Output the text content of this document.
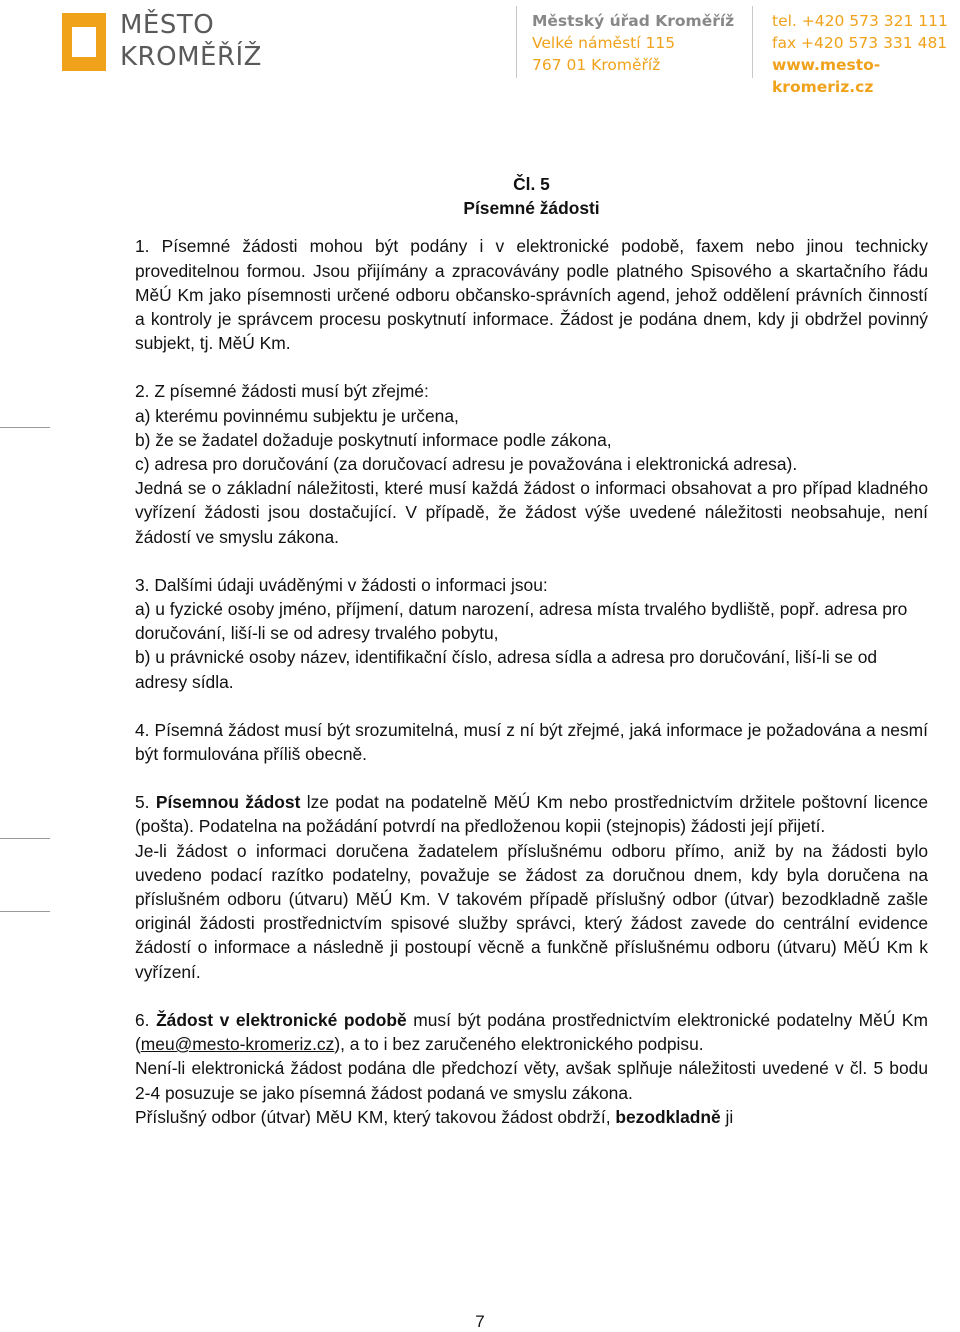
MĚSTO
KROMĚŘÍŽ
Městský úřad Kroměříž
Velké náměstí 115
767 01 Kroměříž
tel. +420 573 321 111
fax +420 573 331 481
www.mesto-kromeriz.cz
Čl. 5
Písemné žádosti

1. Písemné žádosti mohou být podány i v elektronické podobě, faxem nebo jinou technicky proveditelnou formou. Jsou přijímány a zpracovávány podle platného Spisového a skartačního řádu MěÚ Km jako písemnosti určené odboru občansko-správních agend, jehož oddělení právních činností a kontroly je správcem procesu poskytnutí informace. Žádost je podána dnem, kdy ji obdržel povinný subjekt, tj. MěÚ Km.

2. Z písemné žádosti musí být zřejmé:
a) kterému povinnému subjektu je určena,
b) že se žadatel dožaduje poskytnutí informace podle zákona,
c) adresa pro doručování (za doručovací adresu je považována i elektronická adresa).
Jedná se o základní náležitosti, které musí každá žádost o informaci obsahovat a pro případ kladného vyřízení žádosti jsou dostačující. V případě, že žádost výše uvedené náležitosti neobsahuje, není žádostí ve smyslu zákona.

3. Dalšími údaji uváděnými v žádosti o informaci jsou:
a) u fyzické osoby jméno, příjmení, datum narození, adresa místa trvalého bydliště, popř. adresa pro doručování, liší-li se od adresy trvalého pobytu,
b) u právnické osoby název, identifikační číslo, adresa sídla a adresa pro doručování, liší-li se od adresy sídla.

4. Písemná žádost musí být srozumitelná, musí z ní být zřejmé, jaká informace je požadována a nesmí být formulována příliš obecně.

5. Písemnou žádost lze podat na podatelně MěÚ Km nebo prostřednictvím držitele poštovní licence (pošta). Podatelna na požádání potvrdí na předloženou kopii (stejnopis) žádosti její přijetí.
Je-li žádost o informaci doručena žadatelem příslušnému odboru přímo, aniž by na žádosti bylo uvedeno podací razítko podatelny, považuje se žádost za doručnou dnem, kdy byla doručena na příslušném odboru (útvaru) MěÚ Km. V takovém případě příslušný odbor (útvar) bezodkladně zašle originál žádosti prostřednictvím spisové služby správci, který žádost zavede do centrální evidence žádostí o informace a následně ji postoupí věcně a funkčně příslušnému odboru (útvaru) MěÚ Km k vyřízení.

6. Žádost v elektronické podobě musí být podána prostřednictvím elektronické podatelny MěÚ Km (meu@mesto-kromeriz.cz), a to i bez zaručeného elektronického podpisu.
Není-li elektronická žádost podána dle předchozí věty, avšak splňuje náležitosti uvedené v čl. 5 bodu 2-4 posuzuje se jako písemná žádost podaná ve smyslu zákona.
Příslušný odbor (útvar) MěU KM, který takovou žádost obdrží, bezodkladně ji

7
